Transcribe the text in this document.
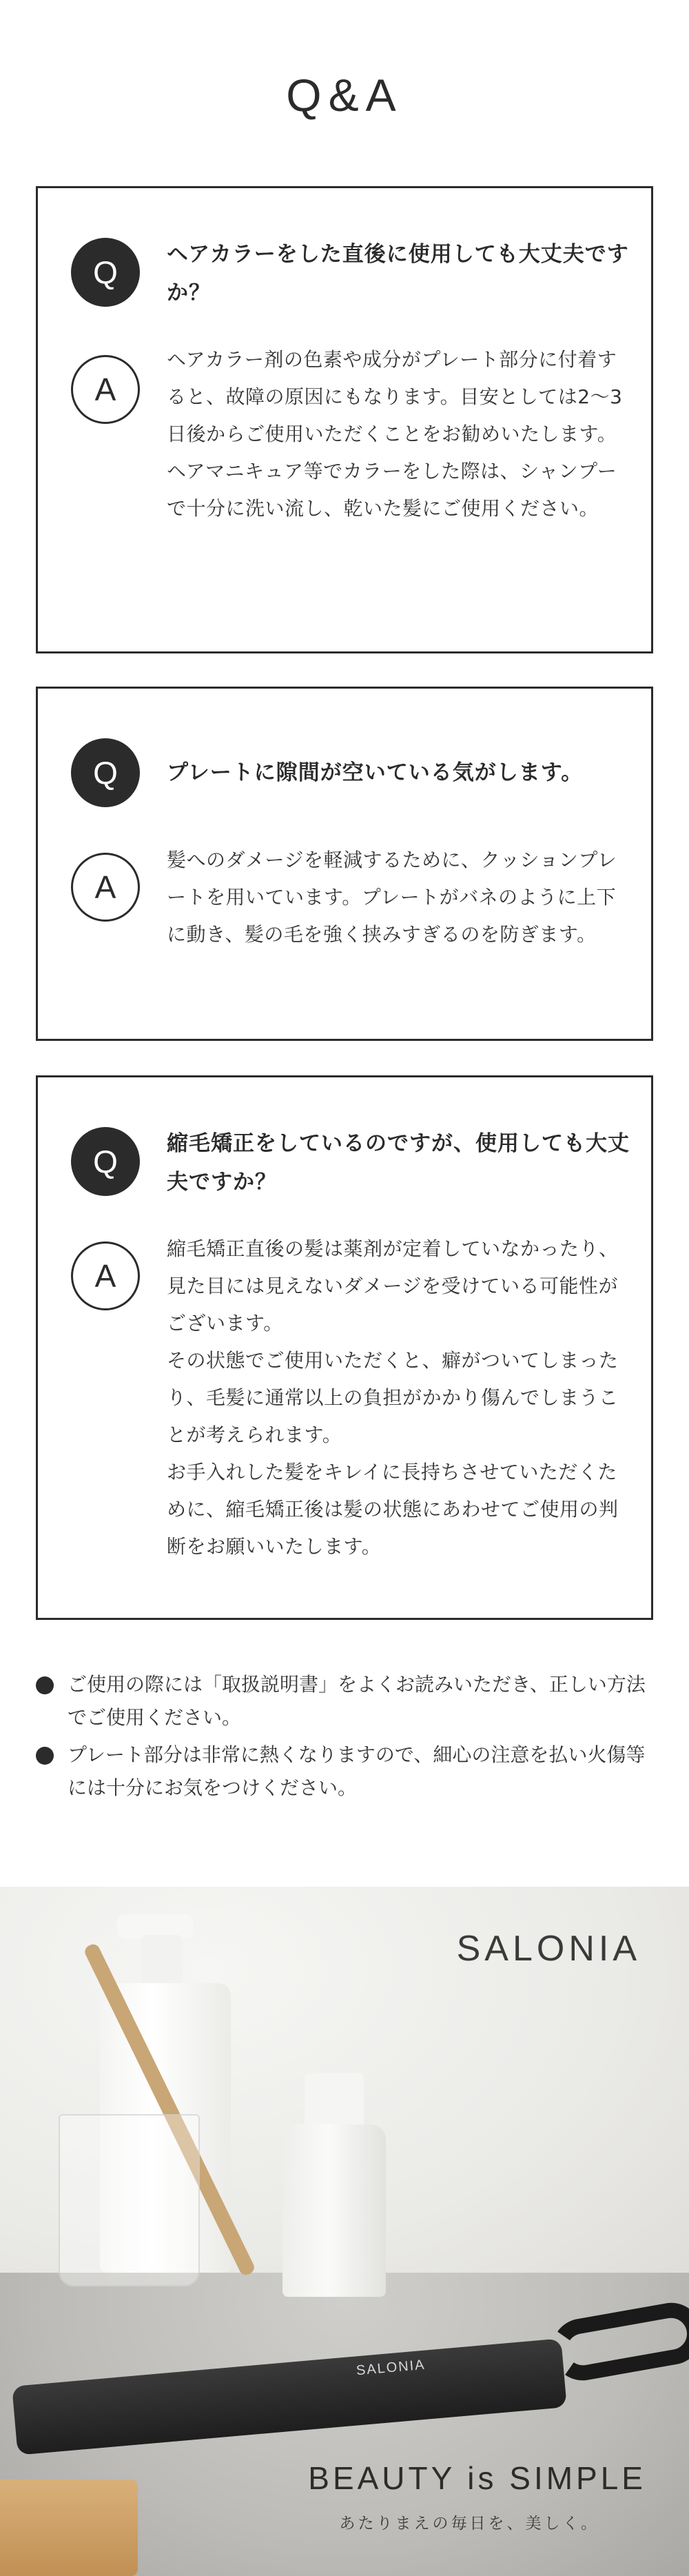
Q&A
Q	ヘアカラーをした直後に使用しても大丈夫ですか？
A

ヘアカラー剤の色素や成分がプレート部分に付着すると、故障の原因にもなります。目安としては2〜3日後からご使用いただくことをお勧めいたします。

ヘアマニキュア等でカラーをした際は、シャンプーで十分に洗い流し、乾いた髪にご使用ください。

Q	プレートに隙間が空いている気がします。
A

髪へのダメージを軽減するために、クッションプレートを用いています。プレートがバネのように上下に動き、髪の毛を強く挟みすぎるのを防ぎます。

Q	縮毛矯正をしているのですが、使用しても大丈夫ですか？
A

縮毛矯正直後の髪は薬剤が定着していなかったり、見た目には見えないダメージを受けている可能性がございます。

その状態でご使用いただくと、癖がついてしまったり、毛髪に通常以上の負担がかかり傷んでしまうことが考えられます。

お手入れした髪をキレイに長持ちさせていただくために、縮毛矯正後は髪の状態にあわせてご使用の判断をお願いいたします。

ご使用の際には「取扱説明書」をよくお読みいただき、正しい方法でご使用ください。
プレート部分は非常に熱くなりますので、細心の注意を払い火傷等には十分にお気をつけください。
SALONIA
SALONIA
BEAUTY is SIMPLE
あたりまえの毎日を、美しく。
